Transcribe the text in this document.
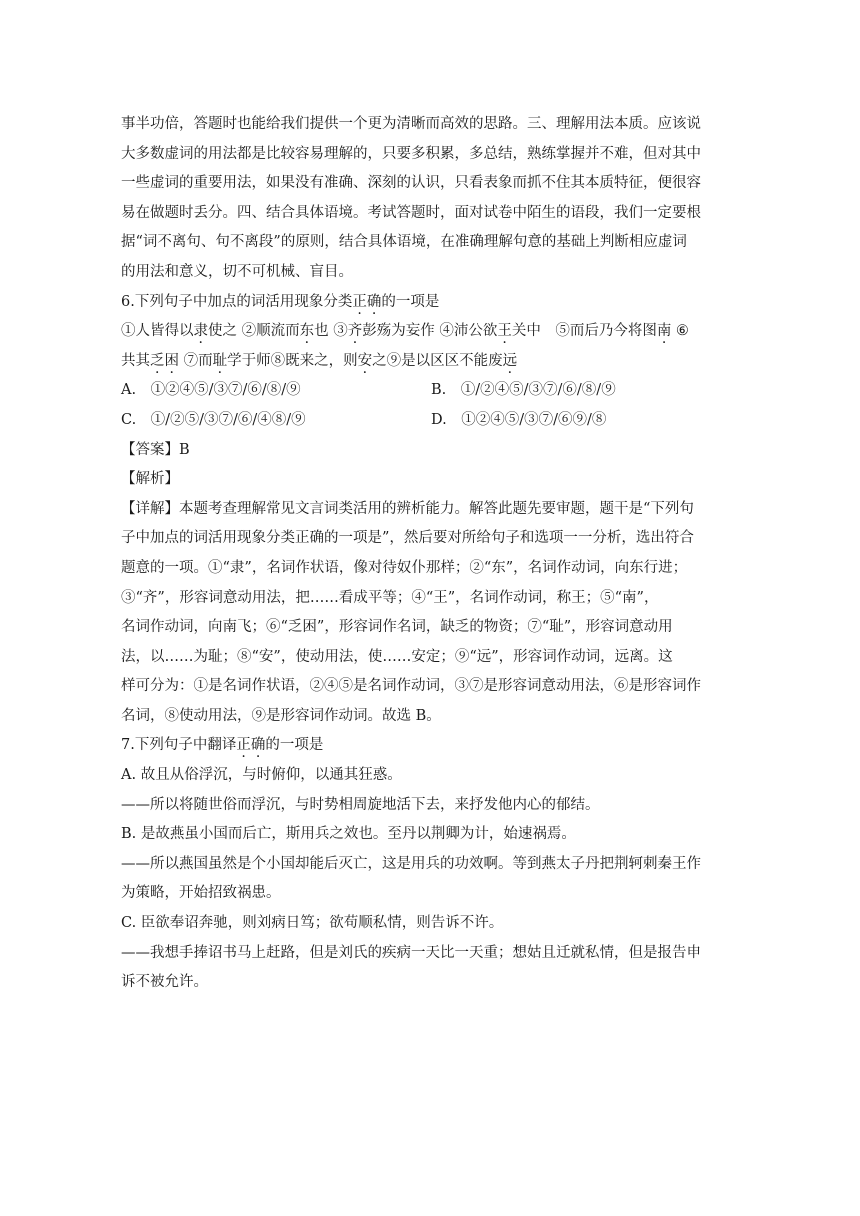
事半功倍，答题时也能给我们提供一个更为清晰而高效的思路。三、理解用法本质。应该说

大多数虚词的用法都是比较容易理解的，只要多积累，多总结，熟练掌握并不难，但对其中

一些虚词的重要用法，如果没有准确、深刻的认识，只看表象而抓不住其本质特征，便很容

易在做题时丢分。四、结合具体语境。考试答题时，面对试卷中陌生的语段，我们一定要根

据“词不离句、句不离段”的原则，结合具体语境，在准确理解句意的基础上判断相应虚词

的用法和意义，切不可机械、盲目。

6.下列句子中加点的词活用现象分类正确的一项是

①人皆得以隶使之 ②顺流而东也 ③齐彭殇为妄作 ④沛公欲王关中　⑤而后乃今将图南 ⑥

共其乏困 ⑦而耻学于师⑧既来之，则安之⑨是以区区不能废远

A.　①②④⑤/③⑦/⑥/⑧/⑨	B.　①/②④⑤/③⑦/⑥/⑧/⑨
C.　①/②⑤/③⑦/⑥/④⑧/⑨	D.　①②④⑤/③⑦/⑥⑨/⑧

【答案】B

【解析】

【详解】本题考查理解常见文言词类活用的辨析能力。解答此题先要审题，题干是“下列句

子中加点的词活用现象分类正确的一项是”，然后要对所给句子和选项一一分析，选出符合

题意的一项。①“隶”，名词作状语，像对待奴仆那样；②“东”，名词作动词，向东行进；

③“齐”，形容词意动用法，把……看成平等；④“王”，名词作动词，称王；⑤“南”，

名词作动词，向南飞；⑥“乏困”，形容词作名词，缺乏的物资；⑦“耻”，形容词意动用

法，以……为耻；⑧“安”，使动用法，使……安定；⑨“远”，形容词作动词，远离。这

样可分为：①是名词作状语，②④⑤是名词作动词，③⑦是形容词意动用法，⑥是形容词作

名词，⑧使动用法，⑨是形容词作动词。故选 B。

7.下列句子中翻译正确的一项是

A. 故且从俗浮沉，与时俯仰，以通其狂惑。

——所以将随世俗而浮沉，与时势相周旋地活下去，来抒发他内心的郁结。

B. 是故燕虽小国而后亡，斯用兵之效也。至丹以荆卿为计，始速祸焉。

——所以燕国虽然是个小国却能后灭亡，这是用兵的功效啊。等到燕太子丹把荆轲刺秦王作

为策略，开始招致祸患。

C. 臣欲奉诏奔驰，则刘病日笃；欲苟顺私情，则告诉不许。

——我想手捧诏书马上赶路，但是刘氏的疾病一天比一天重；想姑且迁就私情，但是报告申

诉不被允许。
